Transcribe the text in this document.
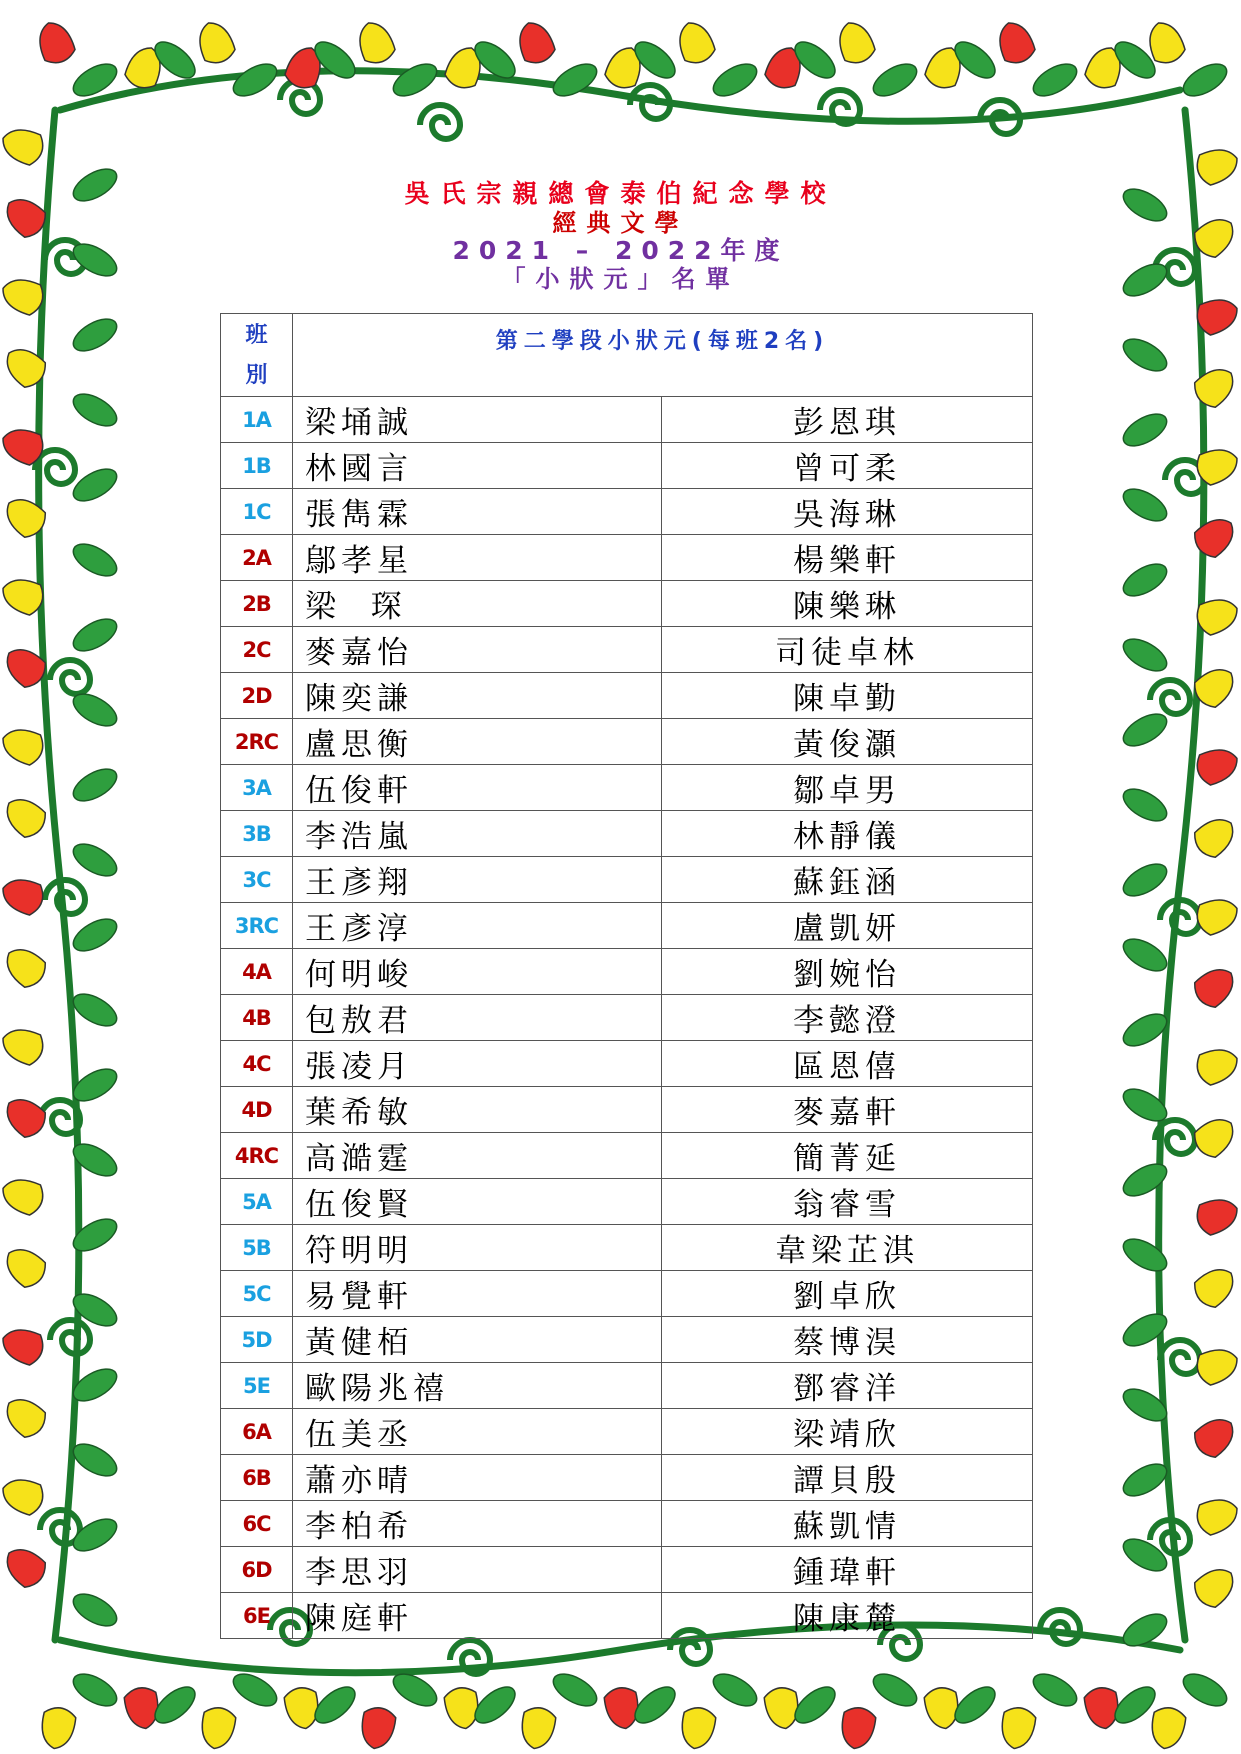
吳氏宗親總會泰伯紀念學校
經典文學
2021 – 2022年度
「小狀元」名單
班
別	第二學段小狀元(每班2名)	

1A	梁埇誠	彭恩琪
1B	林國言	曾可柔
1C	張雋霖	吳海琳
2A	鄔孝星	楊樂軒
2B	梁  琛	陳樂琳
2C	麥嘉怡	司徒卓林
2D	陳奕謙	陳卓勤
2RC	盧思衡	黃俊灝
3A	伍俊軒	鄒卓男
3B	李浩嵐	林靜儀
3C	王彥翔	蘇鈺涵
3RC	王彥淳	盧凱妍
4A	何明峻	劉婉怡
4B	包敖君	李懿澄
4C	張凌月	區恩僖
4D	葉希敏	麥嘉軒
4RC	高澔霆	簡菁延
5A	伍俊賢	翁睿雪
5B	符明明	韋梁芷淇
5C	易覺軒	劉卓欣
5D	黃健栢	蔡博淏
5E	歐陽兆禧	鄧睿洋
6A	伍美丞	梁靖欣
6B	蕭亦晴	譚貝殷
6C	李柏希	蘇凱情
6D	李思羽	鍾瑋軒
6E	陳庭軒	陳康麓
